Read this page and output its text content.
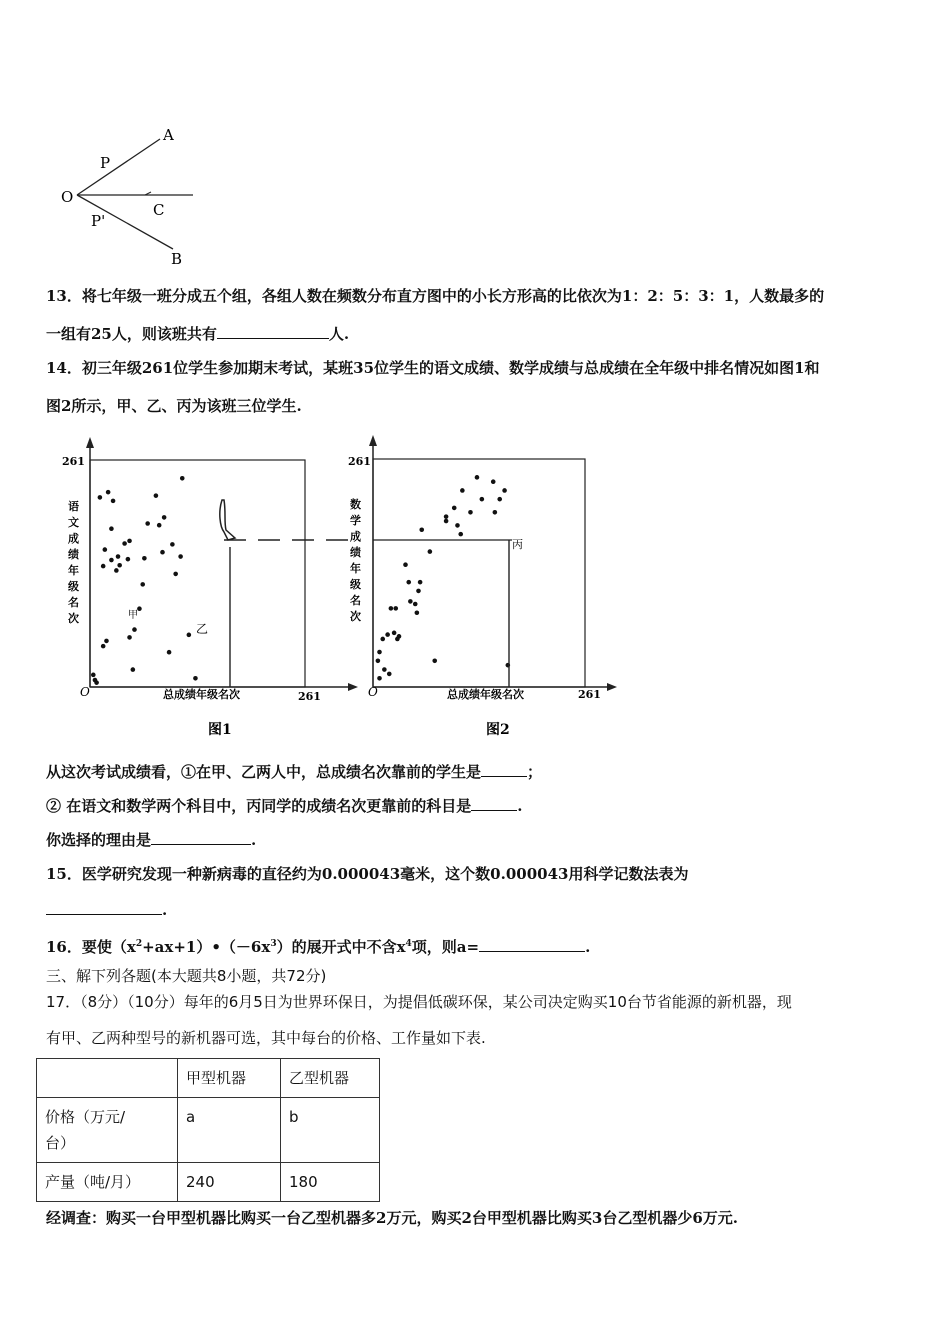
A
P
O
C
P'
B
13．将七年级一班分成五个组，各组人数在频数分布直方图中的小长方形高的比依次为1：2：5：3：1，人数最多的
一组有25人，则该班共有	人.
14．初三年级261位学生参加期末考试，某班35位学生的语文成绩、数学成绩与总成绩在全年级中排名情况如图1和
图2所示，甲、乙、丙为该班三位学生.
261
261
O	总成绩年级名次
图1
语
文
成
绩
年
级
名
次	甲
乙
261
261
O	总成绩年级名次
图2
数
学
成
绩
年
级
名
次
丙
从这次考试成绩看，①在甲、乙两人中，总成绩名次靠前的学生是	；
② 在语文和数学两个科目中，丙同学的成绩名次更靠前的科目是	.
你选择的理由是	.
15．医学研究发现一种新病毒的直径约为0.000043毫米，这个数0.000043用科学记数法表为
.
16．要使$(x^2+ax+1)•(-6x^3)$的展开式中不含$x^4$项，则a=	.
三、解下列各题(本大题共8小题，共72分)
17．（8分）（10分）每年的6月5日为世界环保日，为提倡低碳环保，某公司决定购买10台节省能源的新机器，现
有甲、乙两种型号的新机器可选，其中每台的价格、工作量如下表.
	甲型机器	乙型机器
价格（万元/
台）	a	b
产量（吨/月）	240	180
经调查：购买一台甲型机器比购买一台乙型机器多2万元，购买2台甲型机器比购买3台乙型机器少6万元.
